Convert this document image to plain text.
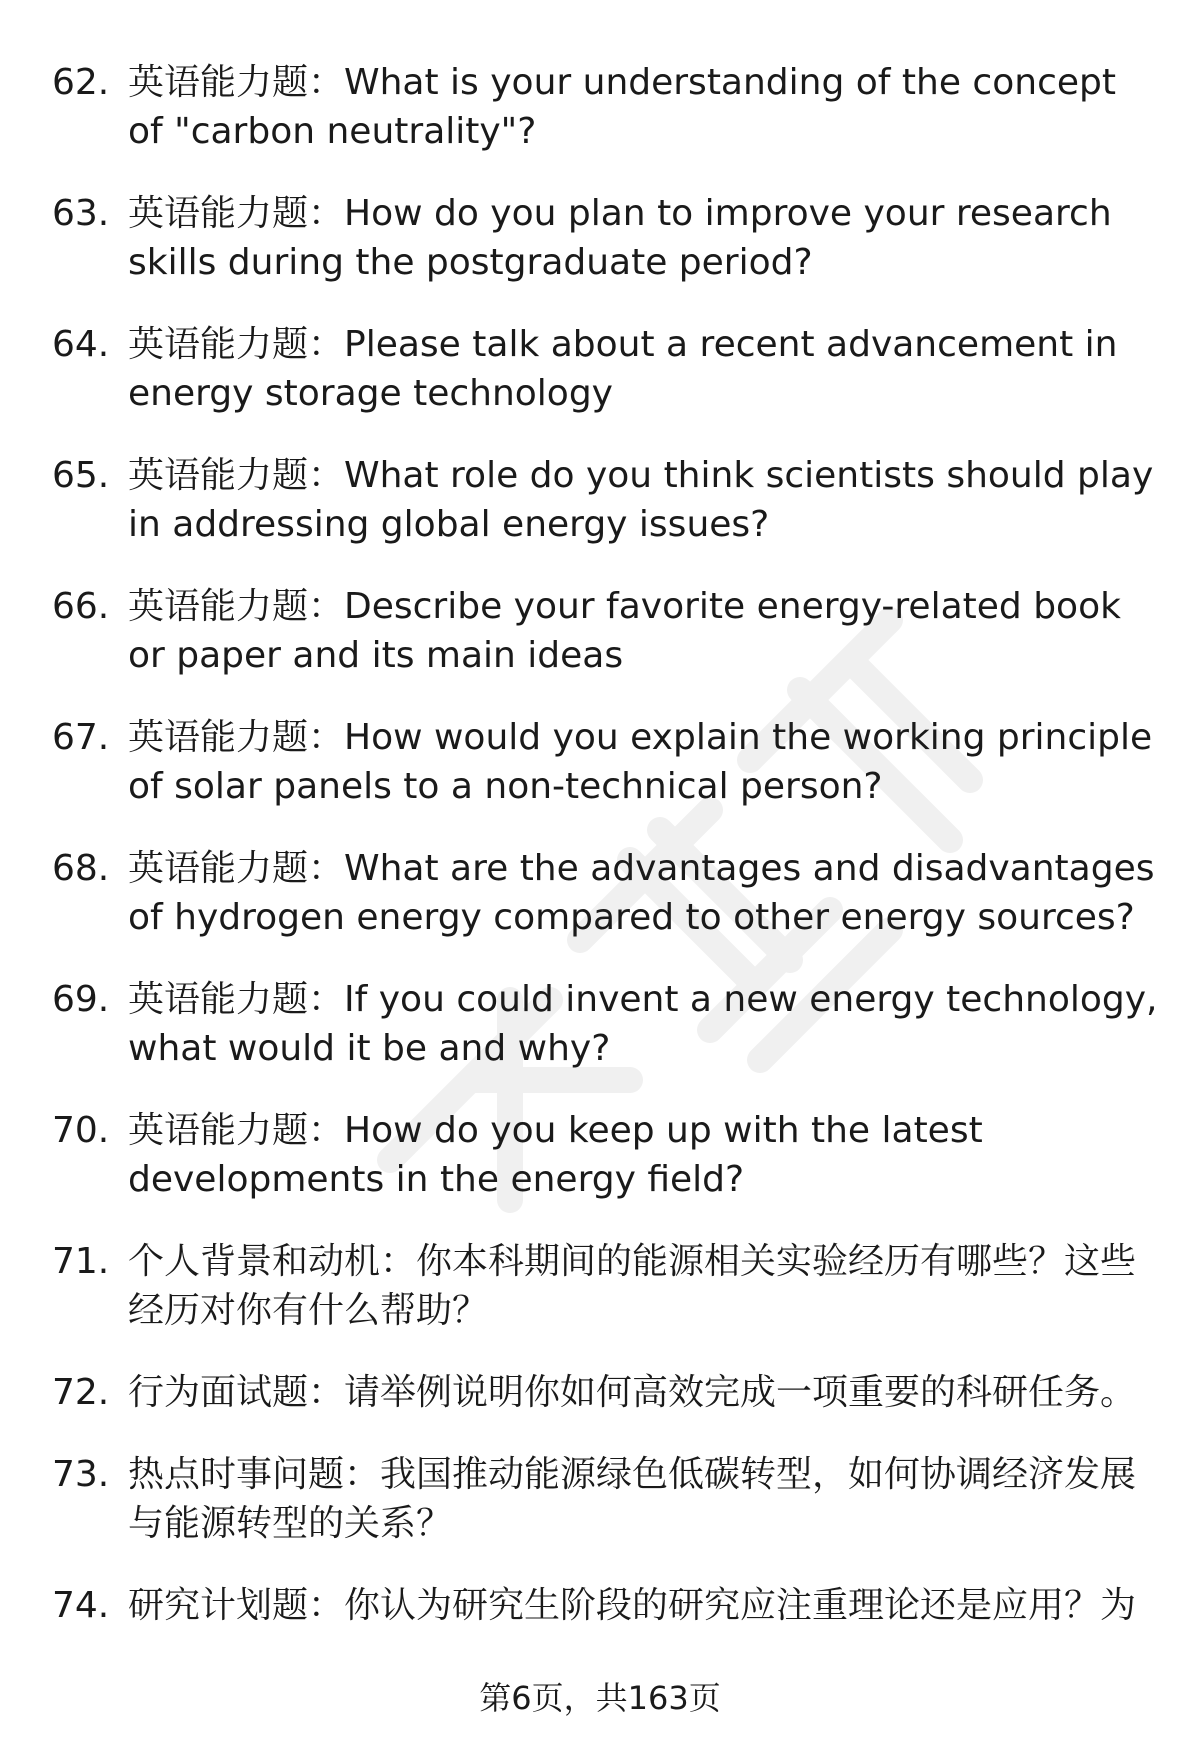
62. 英语能力题：What is your understanding of the concept of "carbon neutrality"?
63. 英语能力题：How do you plan to improve your research skills during the postgraduate period?
64. 英语能力题：Please talk about a recent advancement in energy storage technology
65. 英语能力题：What role do you think scientists should play in addressing global energy issues?
66. 英语能力题：Describe your favorite energy-related book or paper and its main ideas
67. 英语能力题：How would you explain the working principle of solar panels to a non-technical person?
68. 英语能力题：What are the advantages and disadvantages of hydrogen energy compared to other energy sources?
69. 英语能力题：If you could invent a new energy technology, what would it be and why?
70. 英语能力题：How do you keep up with the latest developments in the energy field?
71. 个人背景和动机：你本科期间的能源相关实验经历有哪些？这些经历对你有什么帮助？
72. 行为面试题：请举例说明你如何高效完成一项重要的科研任务。
73. 热点时事问题：我国推动能源绿色低碳转型，如何协调经济发展与能源转型的关系？
74. 研究计划题：你认为研究生阶段的研究应注重理论还是应用？为
第6页，共163页
